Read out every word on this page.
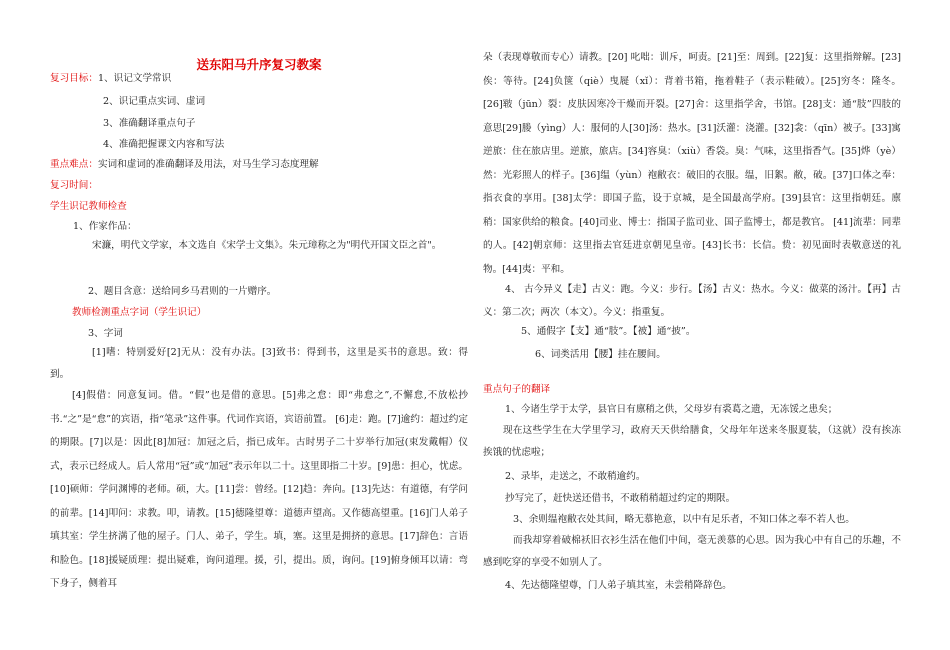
送东阳马升序复习教案
复习目标：1、识记文学常识
2、识记重点实词、虚词
3、准确翻译重点句子
4、准确把握课文内容和写法
重点难点：实词和虚词的准确翻译及用法，对马生学习态度理解
复习时间：
学生识记教师检查
1、作家作品：
宋濂，明代文学家，本文选自《宋学士文集》。朱元璋称之为"明代开国文臣之首"。
2、题目含意：送给同乡马君则的一片赠序。
教师检测重点字词（学生识记）
3、字词
[1]嗜：特别爱好[2]无从：没有办法。[3]致书：得到书，这里是买书的意思。致：得到。
[4]假借：同意复词。借。“假”也是借的意思。[5]弗之怠：即“弗怠之”,不懈怠,不放松抄书.“之”是“怠”的宾语，指“笔录”这件事。代词作宾语，宾语前置。 [6]走：跑。[7]逾约：超过约定的期限。[7]以是：因此[8]加冠：加冠之后，指已成年。古时男子二十岁举行加冠(束发戴帽）仪式，表示已经成人。后人常用“冠”或“加冠”表示年以二十。这里即指二十岁。[9]患：担心，忧虑。[10]硕师：学问渊博的老师。硕，大。[11]尝：曾经。[12]趋：奔向。[13]先达：有道德，有学问的前辈。[14]叩问：求教。叩，请教。[15]德隆望尊：道德声望高。又作德高望重。[16]门人弟子填其室：学生挤满了他的屋子。门人、弟子，学生。填，塞。这里是拥挤的意思。[17]辞色：言语和脸色。[18]援疑质理：提出疑难，询问道理。援，引，提出。质，询问。[19]俯身倾耳以请：弯下身子，侧着耳
朵（表现尊敬而专心）请教。[20] 叱咄：训斥，呵责。[21]至：周到。[22]复：这里指辩解。[23]俟：等待。[24]负箧（qiè）曳屣（xǐ）：背着书箱，拖着鞋子（表示鞋破）。[25]穷冬：隆冬。[26]皲（jūn）裂：皮肤因寒冷干燥而开裂。[27]舍：这里指学舍，书馆。[28]支：通“肢”四肢的意思[29]媵（yìng）人：服伺的人[30]汤：热水。[31]沃灌：浇灌。[32]衾：（qīn）被子。[33]寓逆旅：住在旅店里。逆旅，旅店。[34]容臭：（xiù）香袋。臭：气味，这里指香气。[35]烨（yè）然：光彩照人的样子。[36]缊（yùn）袍敝衣：破旧的衣服。缊，旧絮。敝，破。[37]口体之奉：指衣食的享用。[38]太学：即国子监，设于京城，是全国最高学府。[39]县官：这里指朝廷。廪稍：国家供给的粮食。[40]司业、博士：指国子监司业、国子监博士，都是教官。 [41]流辈：同辈的人。[42]朝京师：这里指去官廷进京朝见皇帝。[43]长书：长信。贽：初见面时表敬意送的礼物。[44]夷：平和。
4、 古今异义【走】古义：跑。今义：步行。【汤】古义：热水。今义：做菜的汤汁。【再】古义：第二次；两次（本文）。今义：指重复。
5、通假字【支】通“肢”。【被】通“披”。
6、词类活用【腰】挂在腰间。
重点句子的翻译
1、今诸生学于太学，县官日有廪稍之供，父母岁有裘葛之遗，无冻馁之患矣；
现在这些学生在大学里学习，政府天天供给膳食，父母年年送来冬服夏装，（这就）没有挨冻挨饿的忧虑啦；
2、录毕，走送之，不敢稍逾约。
抄写完了，赶快送还借书，不敢稍稍超过约定的期限。
3、余则缊袍敝衣处其间，略无慕艳意，以中有足乐者，不知口体之奉不若人也。
而我却穿着破棉袄旧衣衫生活在他们中间，毫无羡慕的心思。因为我心中有自己的乐趣，不感到吃穿的享受不如别人了。
4、先达德隆望尊，门人弟子填其室，未尝稍降辞色。
